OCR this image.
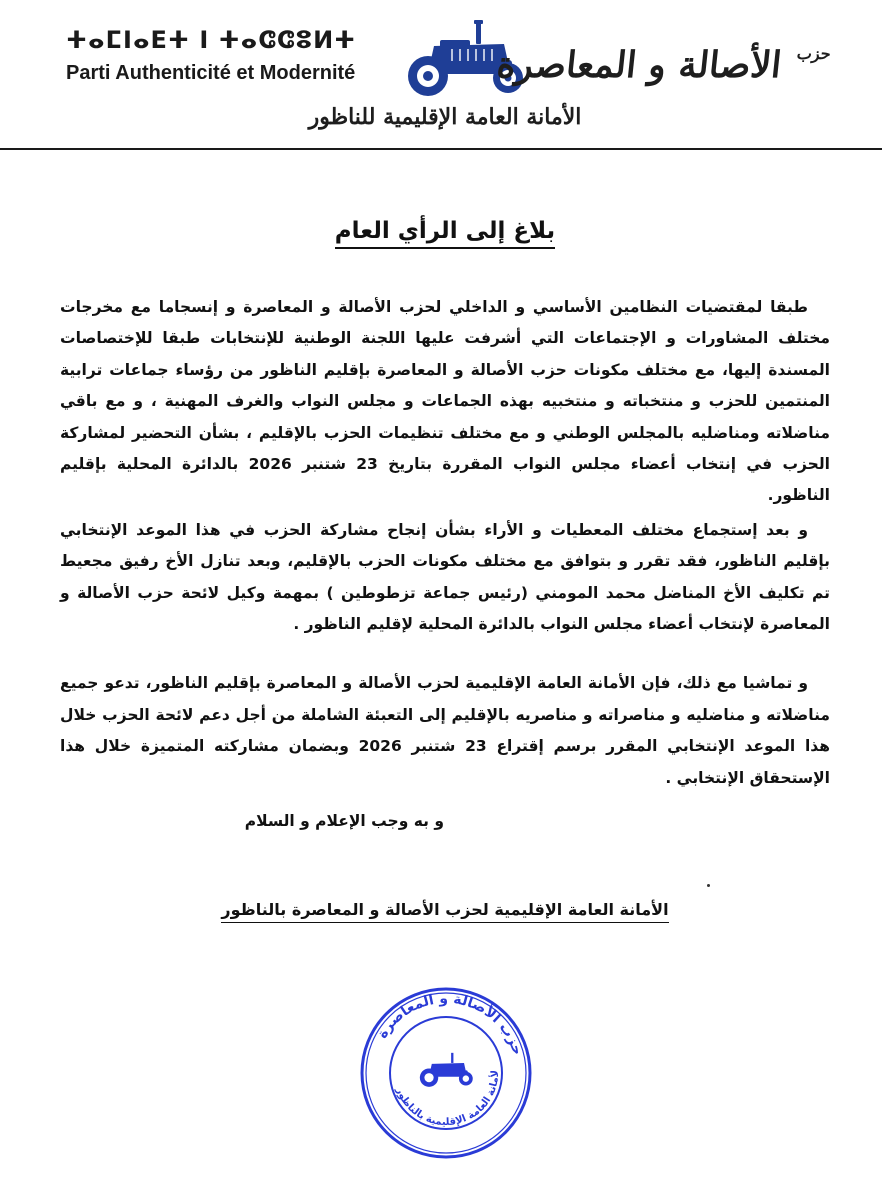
ⵜⴰⵎⵏⴰⴹⵜ ⵏ ⵜⴰⵛⵛⵓⵍⵜ
Parti Authenticité et Modernité
$^{حزب}$ الأصالة و المعاصرة
الأمانة العامة الإقليمية للناظور
بلاغ إلى الرأي العام

طبقا لمقتضيات النظامين الأساسي و الداخلي لحزب الأصالة و المعاصرة و إنسجاما مع مخرجات مختلف المشاورات و الإجتماعات التي أشرفت عليها اللجنة الوطنية للإنتخابات طبقا للإختصاصات المسندة إليها، مع مختلف مكونات حزب الأصالة و المعاصرة بإقليم الناظور من رؤساء جماعات ترابية المنتمين للحزب و منتخباته و منتخبيه بهذه الجماعات و مجلس النواب والغرف المهنية ، و مع باقي مناضلاته ومناضليه بالمجلس الوطني و مع مختلف تنظيمات الحزب بالإقليم ، بشأن التحضير لمشاركة الحزب في إنتخاب أعضاء مجلس النواب المقررة بتاريخ 23 شتنبر 2026 بالدائرة المحلية بإقليم الناظور.

و بعد إستجماع مختلف المعطيات و الأراء بشأن إنجاح مشاركة الحزب في هذا الموعد الإنتخابي بإقليم الناظور، فقد تقرر و بتوافق مع مختلف مكونات الحزب بالإقليم، وبعد تنازل الأخ رفيق مجعيط تم تكليف الأخ المناضل محمد المومني (رئيس جماعة تزطوطين ) بمهمة وكيل لائحة حزب الأصالة و المعاصرة لإنتخاب أعضاء مجلس النواب بالدائرة المحلية لإقليم الناظور .

و تماشيا مع ذلك، فإن الأمانة العامة الإقليمية لحزب الأصالة و المعاصرة بإقليم الناظور، تدعو جميع مناضلاته و مناضليه و مناصراته و مناصريه بالإقليم إلى التعبئة الشاملة من أجل دعم لائحة الحزب خلال هذا الموعد الإنتخابي المقرر برسم إقتراع 23 شتنبر 2026 وبضمان مشاركته المتميزة خلال هذا الإستحقاق الإنتخابي .

و به وجب الإعلام و السلام

الأمانة العامة الإقليمية لحزب الأصالة و المعاصرة بالناظور
حزب الأصالة و المعاصرة
لأمانة العامة الإقليمية بالناظور
